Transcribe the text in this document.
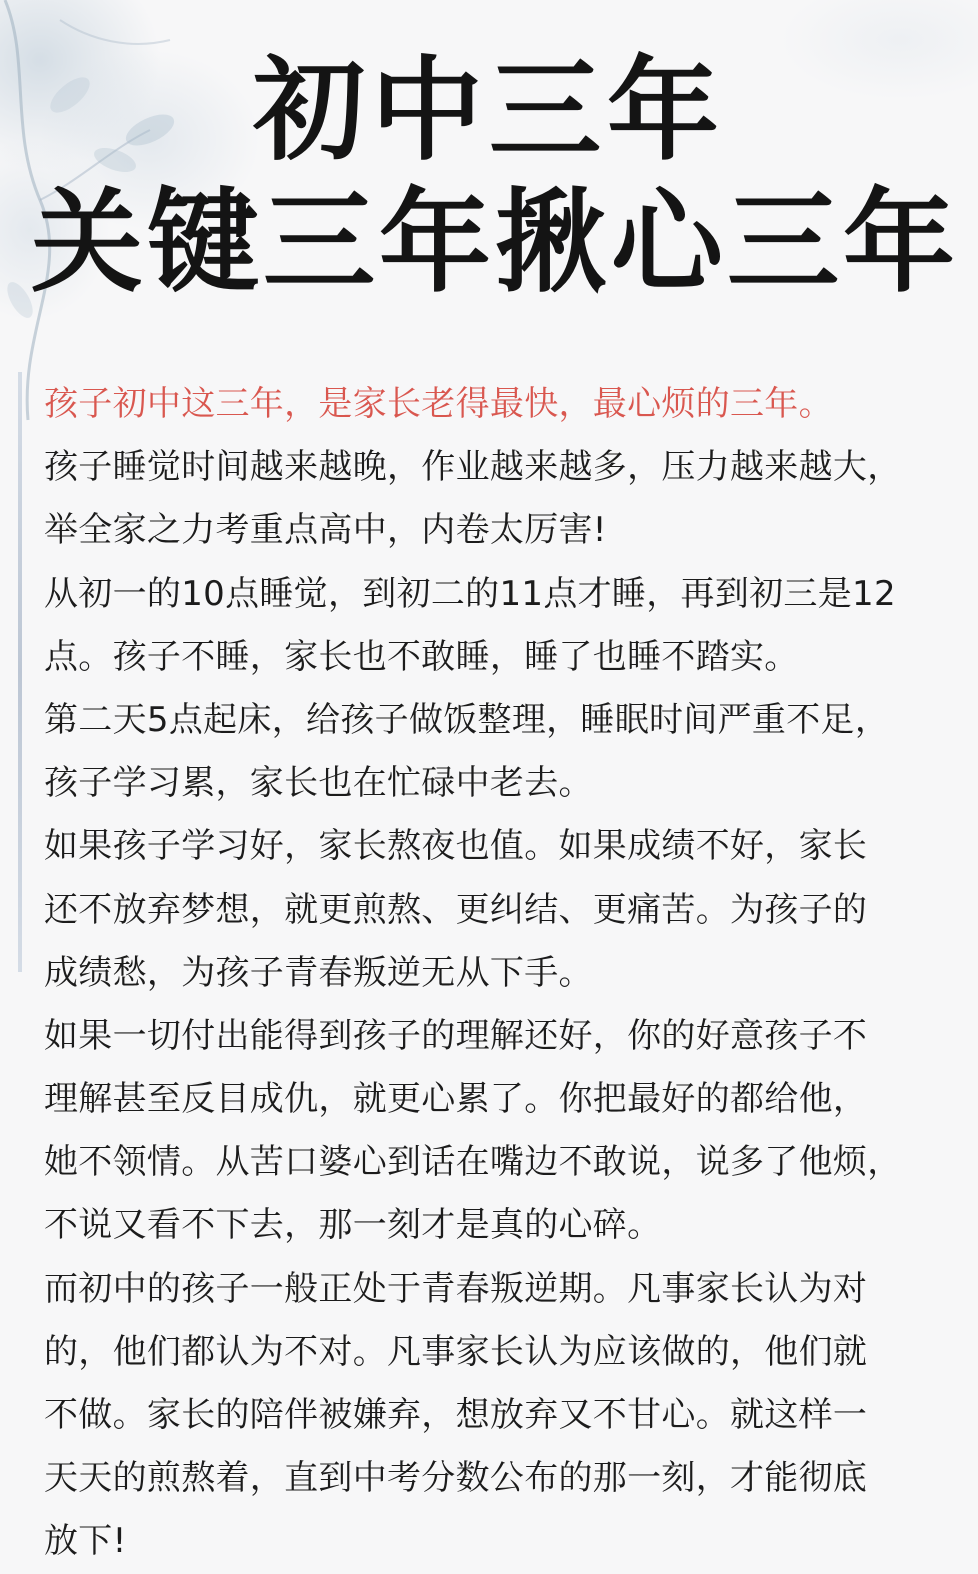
初中三年
关键三年揪心三年
孩子初中这三年，是家长老得最快，最心烦的三年。
孩子睡觉时间越来越晚，作业越来越多，压力越来越大，
举全家之力考重点高中，内卷太厉害!
从初一的10点睡觉，到初二的11点才睡，再到初三是12
点。孩子不睡，家长也不敢睡，睡了也睡不踏实。
第二天5点起床，给孩子做饭整理，睡眠时间严重不足，
孩子学习累，家长也在忙碌中老去。
如果孩子学习好，家长熬夜也值。如果成绩不好，家长
还不放弃梦想，就更煎熬、更纠结、更痛苦。为孩子的
成绩愁，为孩子青春叛逆无从下手。
如果一切付出能得到孩子的理解还好，你的好意孩子不
理解甚至反目成仇，就更心累了。你把最好的都给他，
她不领情。从苦口婆心到话在嘴边不敢说，说多了他烦，
不说又看不下去，那一刻才是真的心碎。
而初中的孩子一般正处于青春叛逆期。凡事家长认为对
的，他们都认为不对。凡事家长认为应该做的，他们就
不做。家长的陪伴被嫌弃，想放弃又不甘心。就这样一
天天的煎熬着，直到中考分数公布的那一刻，才能彻底
放下!
